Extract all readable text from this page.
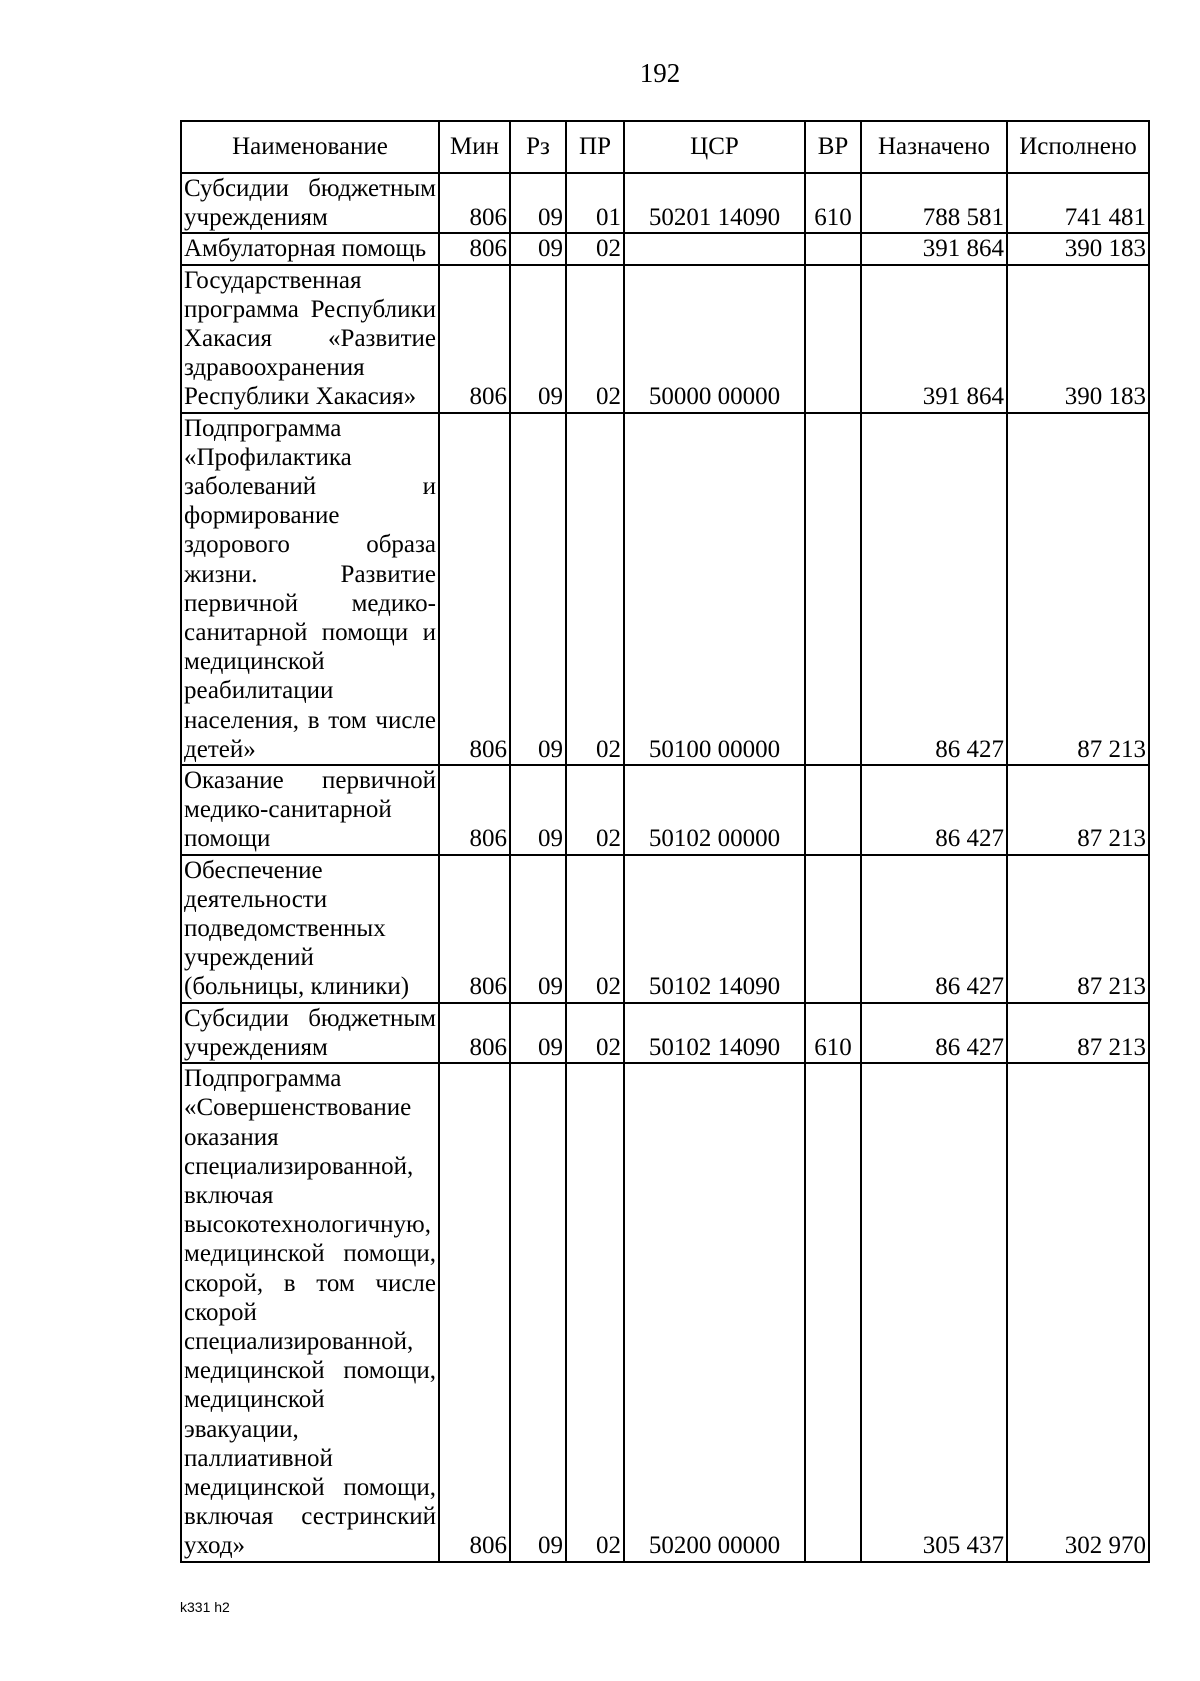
192
Наименование	Мин	Рз	ПР	ЦСР	ВР	Назначено	Исполнено
Субсидии бюджетным учреждениям	806	09	01	50201 14090	610	788 581	741 481
Амбулаторная помощь	806	09	02			391 864	390 183
Государственная программа Республики Хакасия «Развитие здравоохранения Республики Хакасия»	806	09	02	50000 00000		391 864	390 183
Подпрограмма «Профилактика заболеваний и формирование здорового образа жизни. Развитие первичной медико-санитарной помощи и медицинской реабилитации населения, в том числе детей»	806	09	02	50100 00000		86 427	87 213
Оказание первичной медико-санитарной помощи	806	09	02	50102 00000		86 427	87 213
Обеспечение деятельности подведомственных учреждений (больницы, клиники)	806	09	02	50102 14090		86 427	87 213
Субсидии бюджетным учреждениям	806	09	02	50102 14090	610	86 427	87 213
Подпрограмма «Совершенствование оказания специализированной, включая высокотехнологичную, медицинской помощи, скорой, в том числе скорой специализированной, медицинской помощи, медицинской эвакуации, паллиативной медицинской помощи, включая сестринский уход»	806	09	02	50200 00000		305 437	302 970
k331 h2
